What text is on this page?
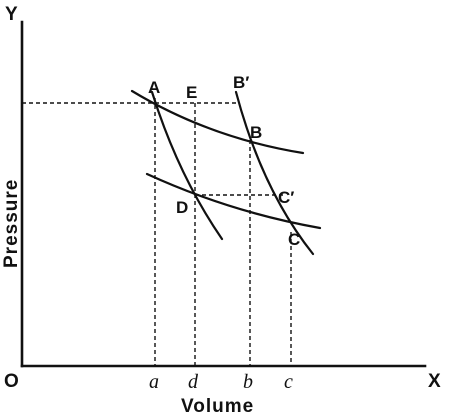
Y
X
O
Pressure
Volume
a d b c
A E
B′
B
C′
D
C
